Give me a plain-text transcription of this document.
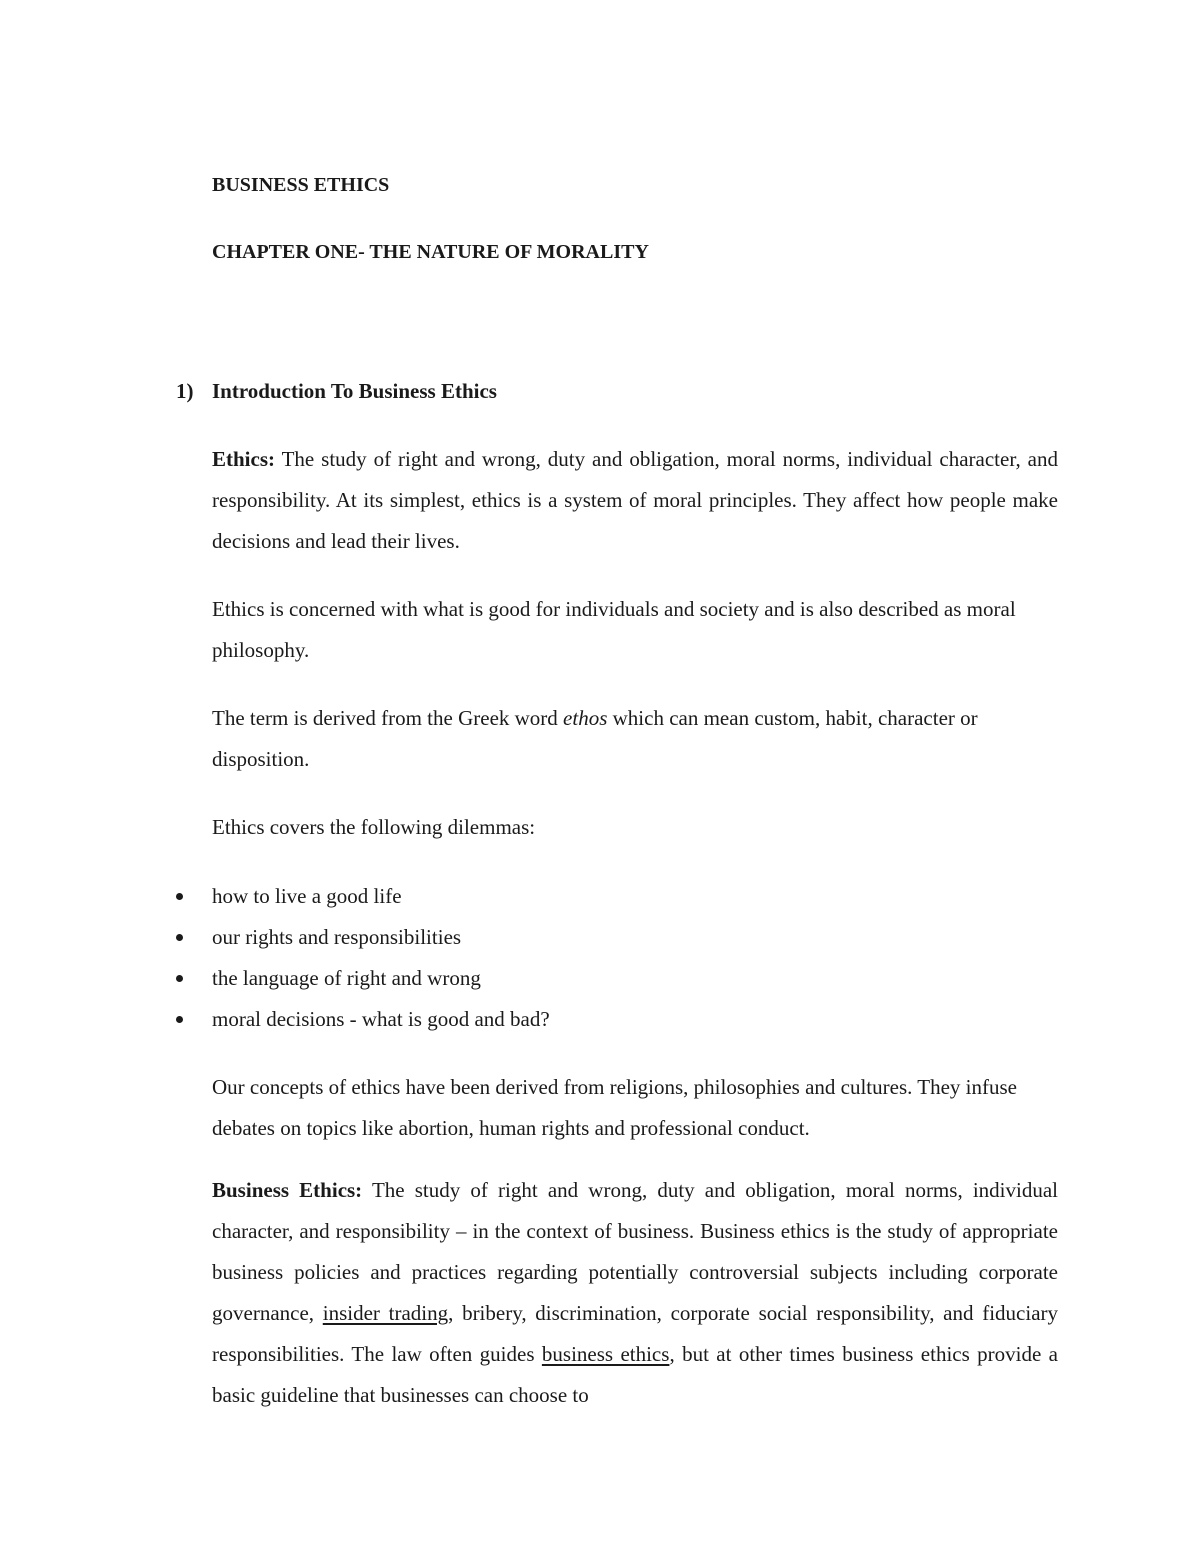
BUSINESS ETHICS
CHAPTER ONE- THE NATURE OF MORALITY
1) Introduction To Business Ethics

Ethics: The study of right and wrong, duty and obligation, moral norms, individual character, and responsibility. At its simplest, ethics is a system of moral principles. They affect how people make decisions and lead their lives.

Ethics is concerned with what is good for individuals and society and is also described as moral philosophy.

The term is derived from the Greek word ethos which can mean custom, habit, character or disposition.

Ethics covers the following dilemmas:

how to live a good life
our rights and responsibilities
the language of right and wrong
moral decisions - what is good and bad?

Our concepts of ethics have been derived from religions, philosophies and cultures. They infuse debates on topics like abortion, human rights and professional conduct.

Business Ethics: The study of right and wrong, duty and obligation, moral norms, individual character, and responsibility – in the context of business. Business ethics is the study of appropriate business policies and practices regarding potentially controversial subjects including corporate governance, insider trading, bribery, discrimination, corporate social responsibility, and fiduciary responsibilities. The law often guides business ethics, but at other times business ethics provide a basic guideline that businesses can choose to
